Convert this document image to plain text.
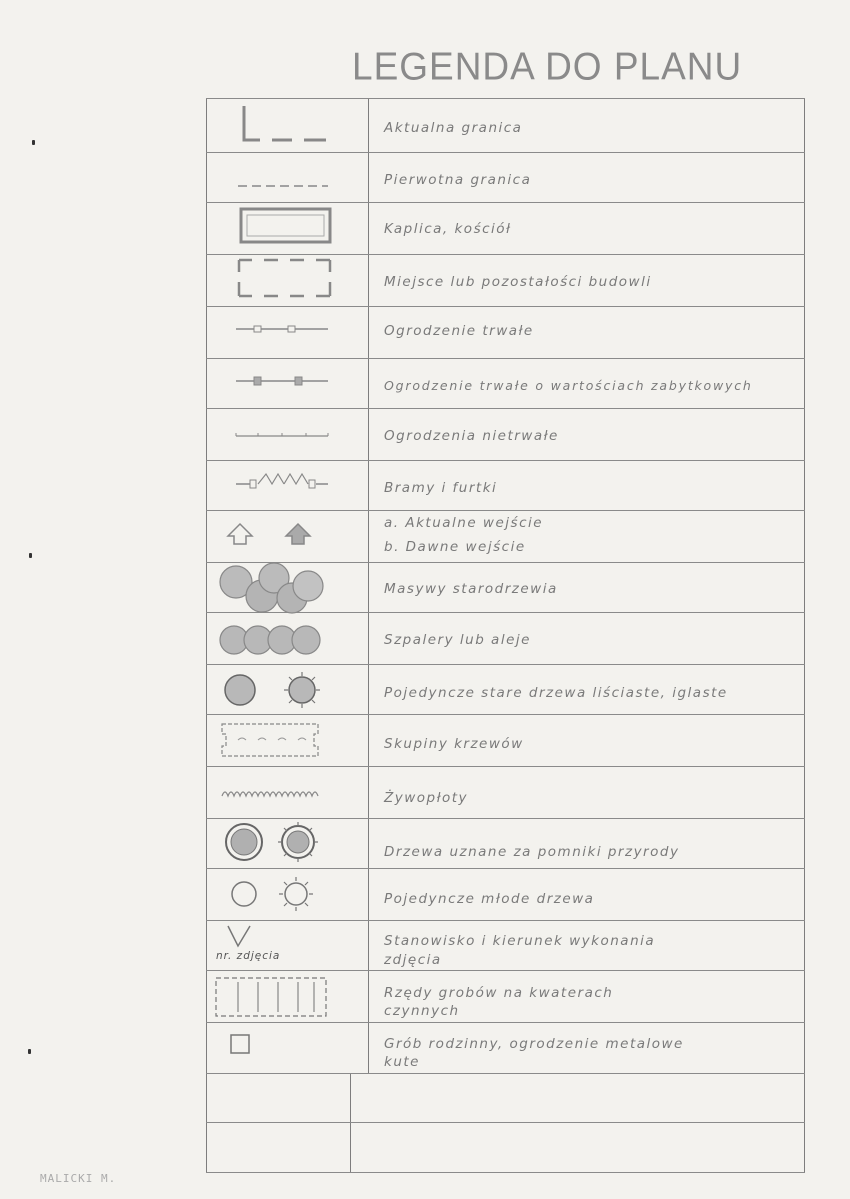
LEGENDA DO PLANU
Aktualna granica
Pierwotna granica
Kaplica, kościół
Miejsce lub pozostałości budowli
Ogrodzenie trwałe
Ogrodzenie trwałe o wartościach zabytkowych
Ogrodzenia nietrwałe
Bramy i furtki
a. Aktualne wejście
b. Dawne wejście
Masywy starodrzewia
Szpalery lub aleje
Pojedyncze stare drzewa liściaste, iglaste
Skupiny krzewów
Żywopłoty
Drzewa uznane za pomniki przyrody
Pojedyncze młode drzewa
nr. zdjęcia
Stanowisko i kierunek wykonania
zdjęcia
Rzędy grobów na kwaterach
czynnych
Grób rodzinny, ogrodzenie metalowe
kute
MALICKI M.
